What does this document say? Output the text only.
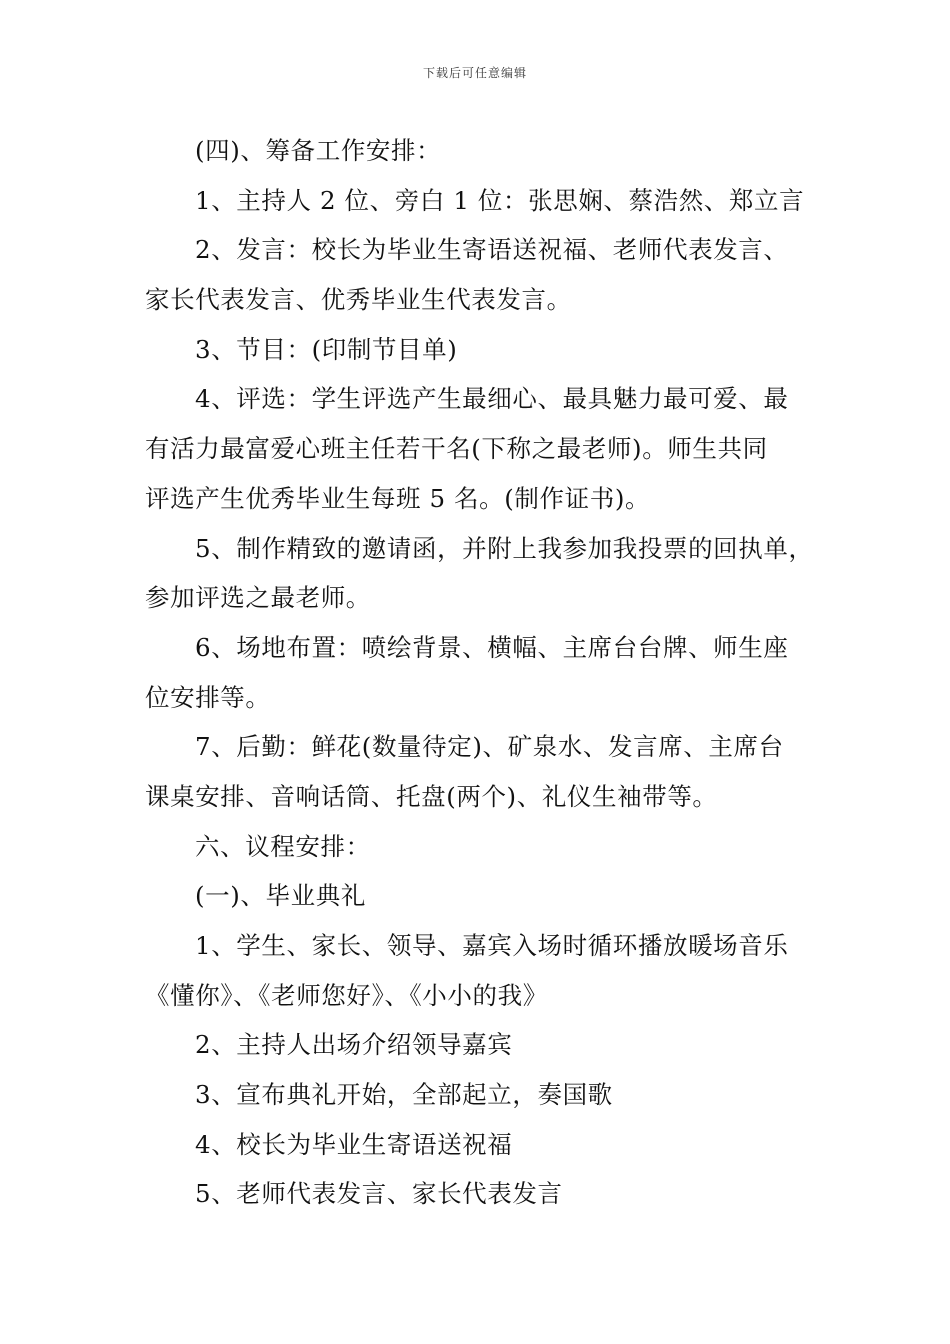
下载后可任意编辑
(四)、筹备工作安排：
1、主持人 2 位、旁白 1 位：张思娴、蔡浩然、郑立言
2、发言：校长为毕业生寄语送祝福、老师代表发言、
家长代表发言、优秀毕业生代表发言。
3、节目：(印制节目单)
4、评选：学生评选产生最细心、最具魅力最可爱、最
有活力最富爱心班主任若干名(下称之最老师)。师生共同
评选产生优秀毕业生每班 5 名。(制作证书)。
5、制作精致的邀请函，并附上我参加我投票的回执单，
参加评选之最老师。
6、场地布置：喷绘背景、横幅、主席台台牌、师生座
位安排等。
7、后勤：鲜花(数量待定)、矿泉水、发言席、主席台
课桌安排、音响话筒、托盘(两个)、礼仪生袖带等。
六、议程安排：
(一)、毕业典礼
1、学生、家长、领导、嘉宾入场时循环播放暖场音乐
《懂你》、《老师您好》、《小小的我》
2、主持人出场介绍领导嘉宾
3、宣布典礼开始，全部起立，奏国歌
4、校长为毕业生寄语送祝福
5、老师代表发言、家长代表发言
